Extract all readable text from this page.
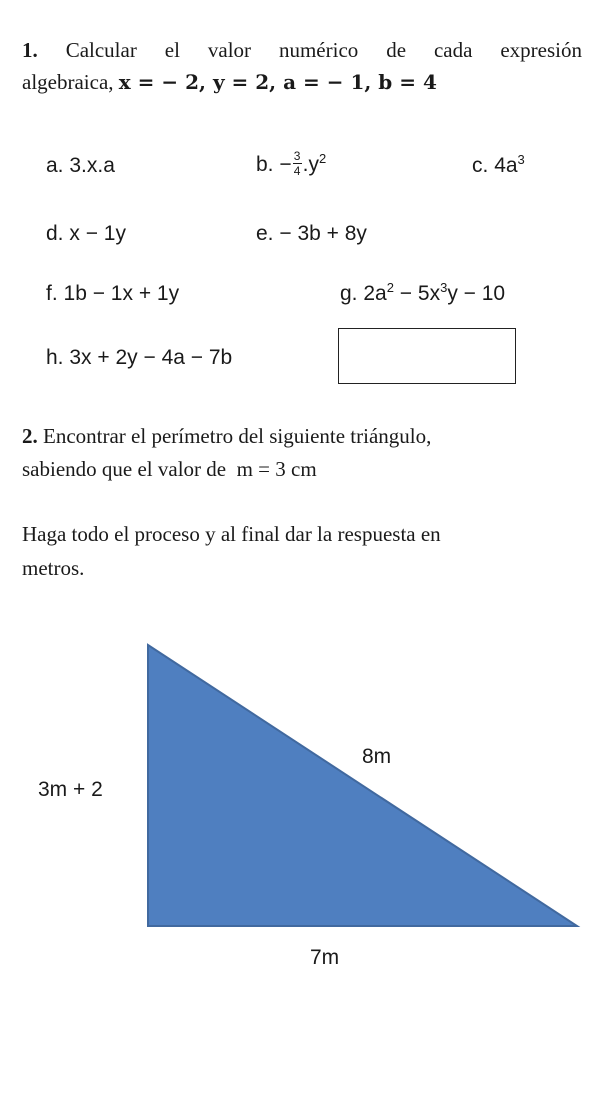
1. Calcular el valor numérico de cada expresión
algebraica, x = − 2, y = 2, a = − 1, b = 4
a. 3.x.a	b. − $\frac{3}{4} .y^2$	c. $4a^3$
d. x − 1y	e. − 3b + 8y
f. 1b − 1x + 1y	g. $2a^2 - 5x^3y - 10$
h. 3x + 2y − 4a − 7b
2. Encontrar el perímetro del siguiente triángulo,
sabiendo que el valor de m = 3 cm
Haga todo el proceso y al final dar la respuesta en
metros.
3m + 2
8m
7m
